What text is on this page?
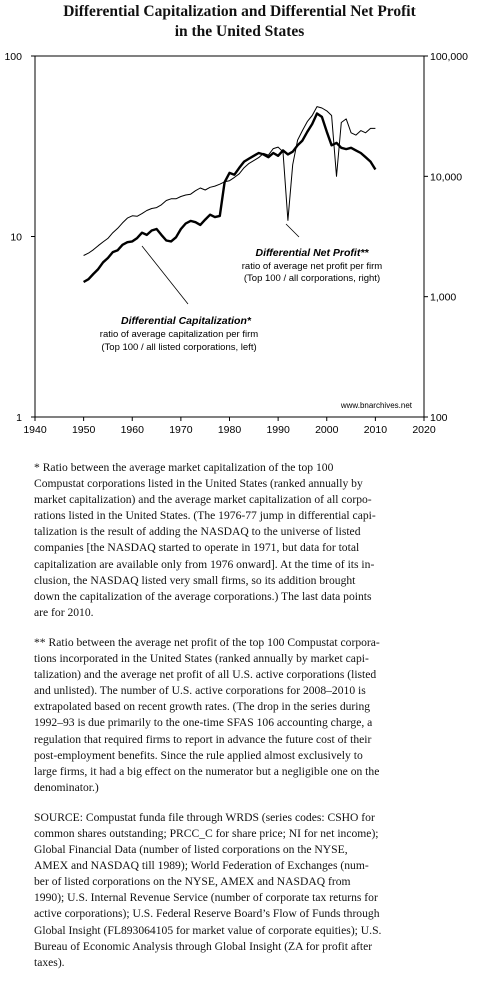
Differential Capitalization and Differential Net Profit
in the United States
1940 1950 1960 1970 1980 1990 2000 2010 2020
1
10
100
100
1,000
10,000
100,000
Differential Net Profit**
ratio of average net profit per firm
(Top 100 / all corporations, right)
Differential Capitalization*
ratio of average capitalization per firm
(Top 100 / all listed corporations, left)
www.bnarchives.net

* Ratio between the average market capitalization of the top 100
Compustat corporations listed in the United States (ranked annually by
market capitalization) and the average market capitalization of all corpo-
rations listed in the United States. (The 1976-77 jump in differential capi-
talization is the result of adding the NASDAQ to the universe of listed
companies [the NASDAQ started to operate in 1971, but data for total
capitalization are available only from 1976 onward]. At the time of its in-
clusion, the NASDAQ listed very small firms, so its addition brought
down the capitalization of the average corporations.) The last data points
are for 2010.

** Ratio between the average net profit of the top 100 Compustat corpora-
tions incorporated in the United States (ranked annually by market capi-
talization) and the average net profit of all U.S. active corporations (listed
and unlisted). The number of U.S. active corporations for 2008–2010 is
extrapolated based on recent growth rates. (The drop in the series during
1992–93 is due primarily to the one-time SFAS 106 accounting charge, a
regulation that required firms to report in advance the future cost of their
post-employment benefits. Since the rule applied almost exclusively to
large firms, it had a big effect on the numerator but a negligible one on the
denominator.)

SOURCE: Compustat funda file through WRDS (series codes: CSHO for
common shares outstanding; PRCC_C for share price; NI for net income);
Global Financial Data (number of listed corporations on the NYSE,
AMEX and NASDAQ till 1989); World Federation of Exchanges (num-
ber of listed corporations on the NYSE, AMEX and NASDAQ from
1990); U.S. Internal Revenue Service (number of corporate tax returns for
active corporations); U.S. Federal Reserve Board’s Flow of Funds through
Global Insight (FL893064105 for market value of corporate equities); U.S.
Bureau of Economic Analysis through Global Insight (ZA for profit after
taxes).
